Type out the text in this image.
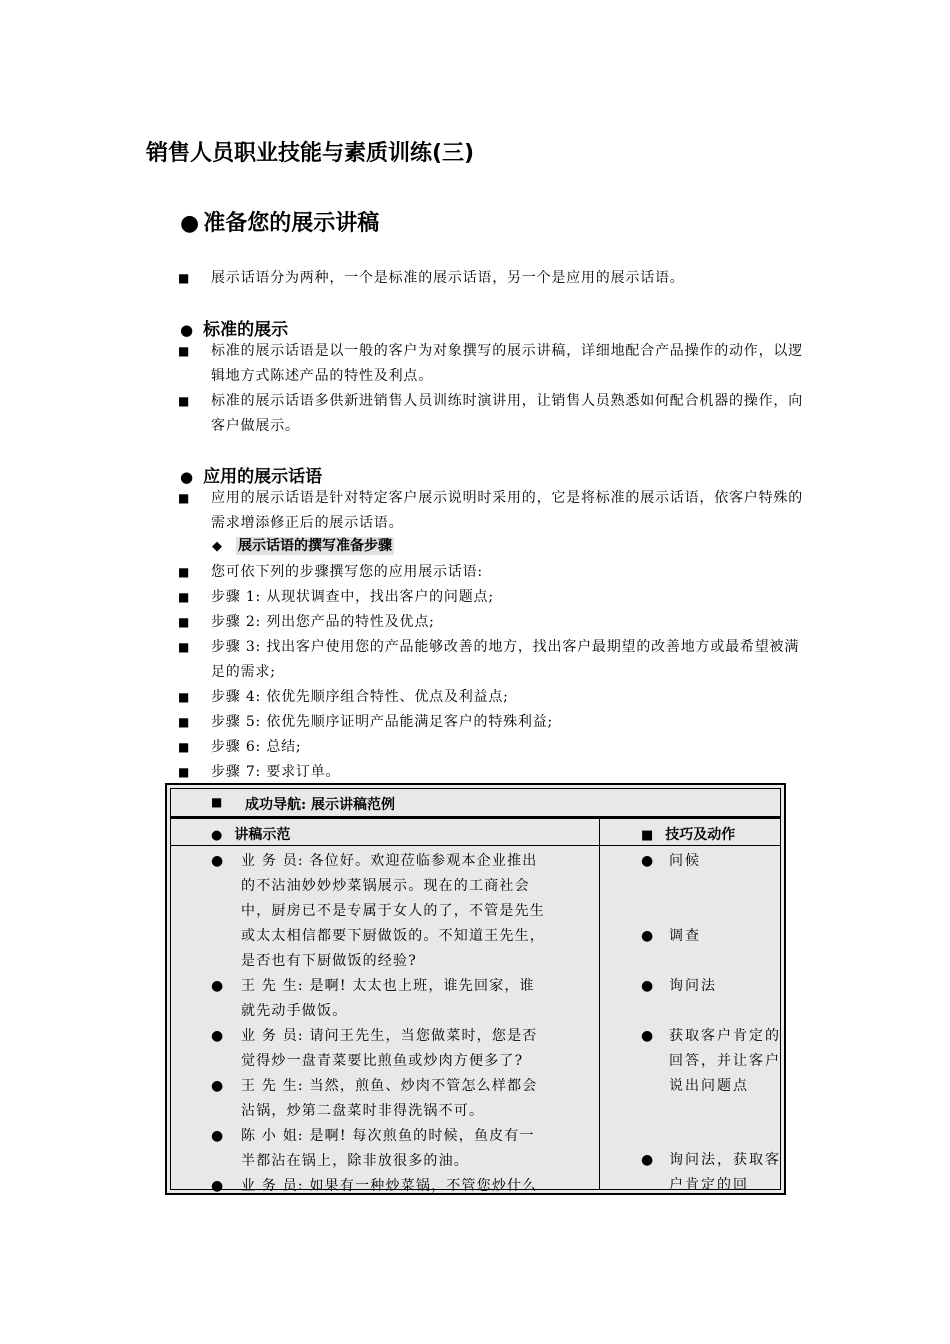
销售人员职业技能与素质训练(三)
● 准备您的展示讲稿
■ 展示话语分为两种，一个是标准的展示话语，另一个是应用的展示话语。
● 标准的展示
■ 标准的展示话语是以一般的客户为对象撰写的展示讲稿，详细地配合产品操作的动作，以逻辑地方式陈述产品的特性及利点。
■ 标准的展示话语多供新进销售人员训练时演讲用，让销售人员熟悉如何配合机器的操作，向客户做展示。
● 应用的展示话语
■ 应用的展示话语是针对特定客户展示说明时采用的，它是将标准的展示话语，依客户特殊的需求增添修正后的展示话语。
◆ 展示话语的撰写准备步骤
■ 您可依下列的步骤撰写您的应用展示话语:
■ 步骤 1: 从现状调查中，找出客户的问题点;
■ 步骤 2: 列出您产品的特性及优点;
■ 步骤 3: 找出客户使用您的产品能够改善的地方，找出客户最期望的改善地方或最希望被满足的需求;
■ 步骤 4: 依优先顺序组合特性、优点及利益点;
■ 步骤 5: 依优先顺序证明产品能满足客户的特殊利益;
■ 步骤 6: 总结;
■ 步骤 7: 要求订单。
■ 成功导航: 展示讲稿范例
● 讲稿示范	■ 技巧及动作
● 业 务 员: 各位好。欢迎莅临参观本企业推出
的不沾油妙妙炒菜锅展示。现在的工商社会
中，厨房已不是专属于女人的了，不管是先生
或太太相信都要下厨做饭的。不知道王先生，
是否也有下厨做饭的经验?
● 王 先 生: 是啊! 太太也上班，谁先回家，谁
就先动手做饭。
● 业 务 员: 请问王先生，当您做菜时，您是否
觉得炒一盘青菜要比煎鱼或炒肉方便多了?
● 王 先 生: 当然，煎鱼、炒肉不管怎么样都会
沾锅，炒第二盘菜时非得洗锅不可。
● 陈 小 姐: 是啊! 每次煎鱼的时候，鱼皮有一
半都沾在锅上，除非放很多的油。
● 业 务 员: 如果有一种炒菜锅，不管您炒什么
● 问候
● 调查
● 询问法
● 获取客户肯定的回答，并让客户说出问题点
● 询问法，获取客户肯定的回
